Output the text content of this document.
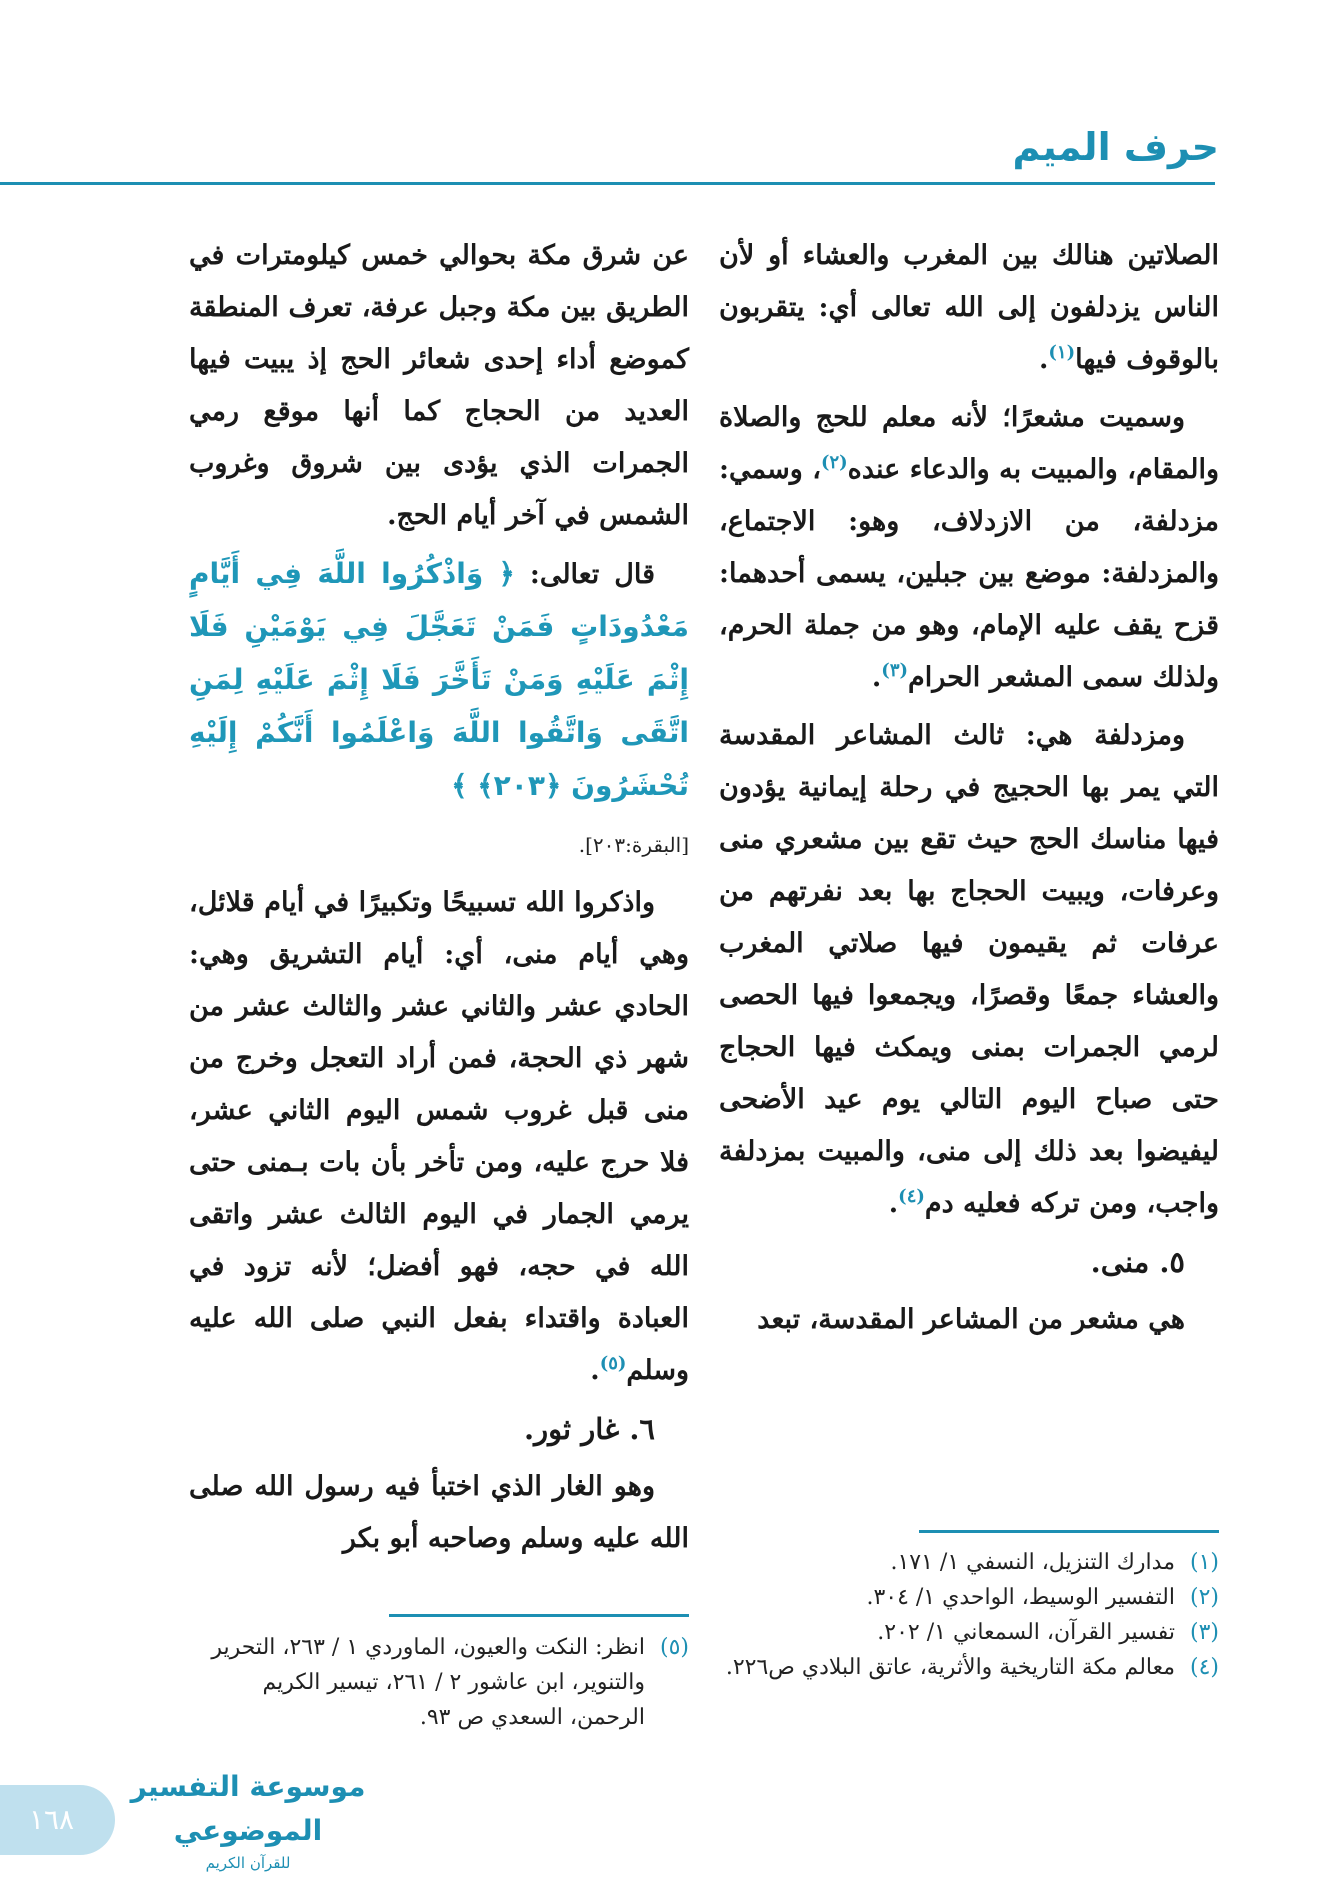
حرف الميم

الصلاتين هنالك بين المغرب والعشاء أو لأن الناس يزدلفون إلى الله تعالى أي: يتقربون بالوقوف فيها$^{(١)}$.

وسميت مشعرًا؛ لأنه معلم للحج والصلاة والمقام، والمبيت به والدعاء عنده$^{(٢)}$، وسمي: مزدلفة، من الازدلاف، وهو: الاجتماع، والمزدلفة: موضع بين جبلين، يسمى أحدهما: قزح يقف عليه الإمام، وهو من جملة الحرم، ولذلك سمى المشعر الحرام$^{(٣)}$.

ومزدلفة هي: ثالث المشاعر المقدسة التي يمر بها الحجيج في رحلة إيمانية يؤدون فيها مناسك الحج حيث تقع بين مشعري منى وعرفات، ويبيت الحجاج بها بعد نفرتهم من عرفات ثم يقيمون فيها صلاتي المغرب والعشاء جمعًا وقصرًا، ويجمعوا فيها الحصى لرمي الجمرات بمنى ويمكث فيها الحجاج حتى صباح اليوم التالي يوم عيد الأضحى ليفيضوا بعد ذلك إلى منى، والمبيت بمزدلفة واجب، ومن تركه فعليه دم$^{(٤)}$.

٥. منى.

هي مشعر من المشاعر المقدسة، تبعد

عن شرق مكة بحوالي خمس كيلومترات في الطريق بين مكة وجبل عرفة، تعرف المنطقة كموضع أداء إحدى شعائر الحج إذ يبيت فيها العديد من الحجاج كما أنها موقع رمي الجمرات الذي يؤدى بين شروق وغروب الشمس في آخر أيام الحج.

قال تعالى: ﴿ وَاذْكُرُوا اللَّهَ فِي أَيَّامٍ مَعْدُودَاتٍ فَمَنْ تَعَجَّلَ فِي يَوْمَيْنِ فَلَا إِثْمَ عَلَيْهِ وَمَنْ تَأَخَّرَ فَلَا إِثْمَ عَلَيْهِ لِمَنِ اتَّقَى وَاتَّقُوا اللَّهَ وَاعْلَمُوا أَنَّكُمْ إِلَيْهِ تُحْشَرُونَ ﴿٢٠٣﴾ ﴾

[البقرة:٢٠٣].

واذكروا الله تسبيحًا وتكبيرًا في أيام قلائل، وهي أيام منى، أي: أيام التشريق وهي: الحادي عشر والثاني عشر والثالث عشر من شهر ذي الحجة، فمن أراد التعجل وخرج من منى قبل غروب شمس اليوم الثاني عشر، فلا حرج عليه، ومن تأخر بأن بات بـمنى حتى يرمي الجمار في اليوم الثالث عشر واتقى الله في حجه، فهو أفضل؛ لأنه تزود في العبادة واقتداء بفعل النبي صلى الله عليه وسلم$^{(٥)}$.

٦. غار ثور.

وهو الغار الذي اختبأ فيه رسول الله صلى الله عليه وسلم وصاحبه أبو بكر

(١)
مدارك التنزيل، النسفي ١/ ١٧١.

(٢)
التفسير الوسيط، الواحدي ١/ ٣٠٤.

(٣)
تفسير القرآن، السمعاني ١/ ٢٠٢.

(٤)
معالم مكة التاريخية والأثرية، عاتق البلادي ص٢٢٦.

(٥)
انظر: النكت والعيون، الماوردي ١ / ٢٦٣، التحرير والتنوير، ابن عاشور ٢ / ٢٦١، تيسير الكريم الرحمن، السعدي ص ٩٣.

١٦٨
موسوعة التفسير الموضوعي
للقرآن الكريم
